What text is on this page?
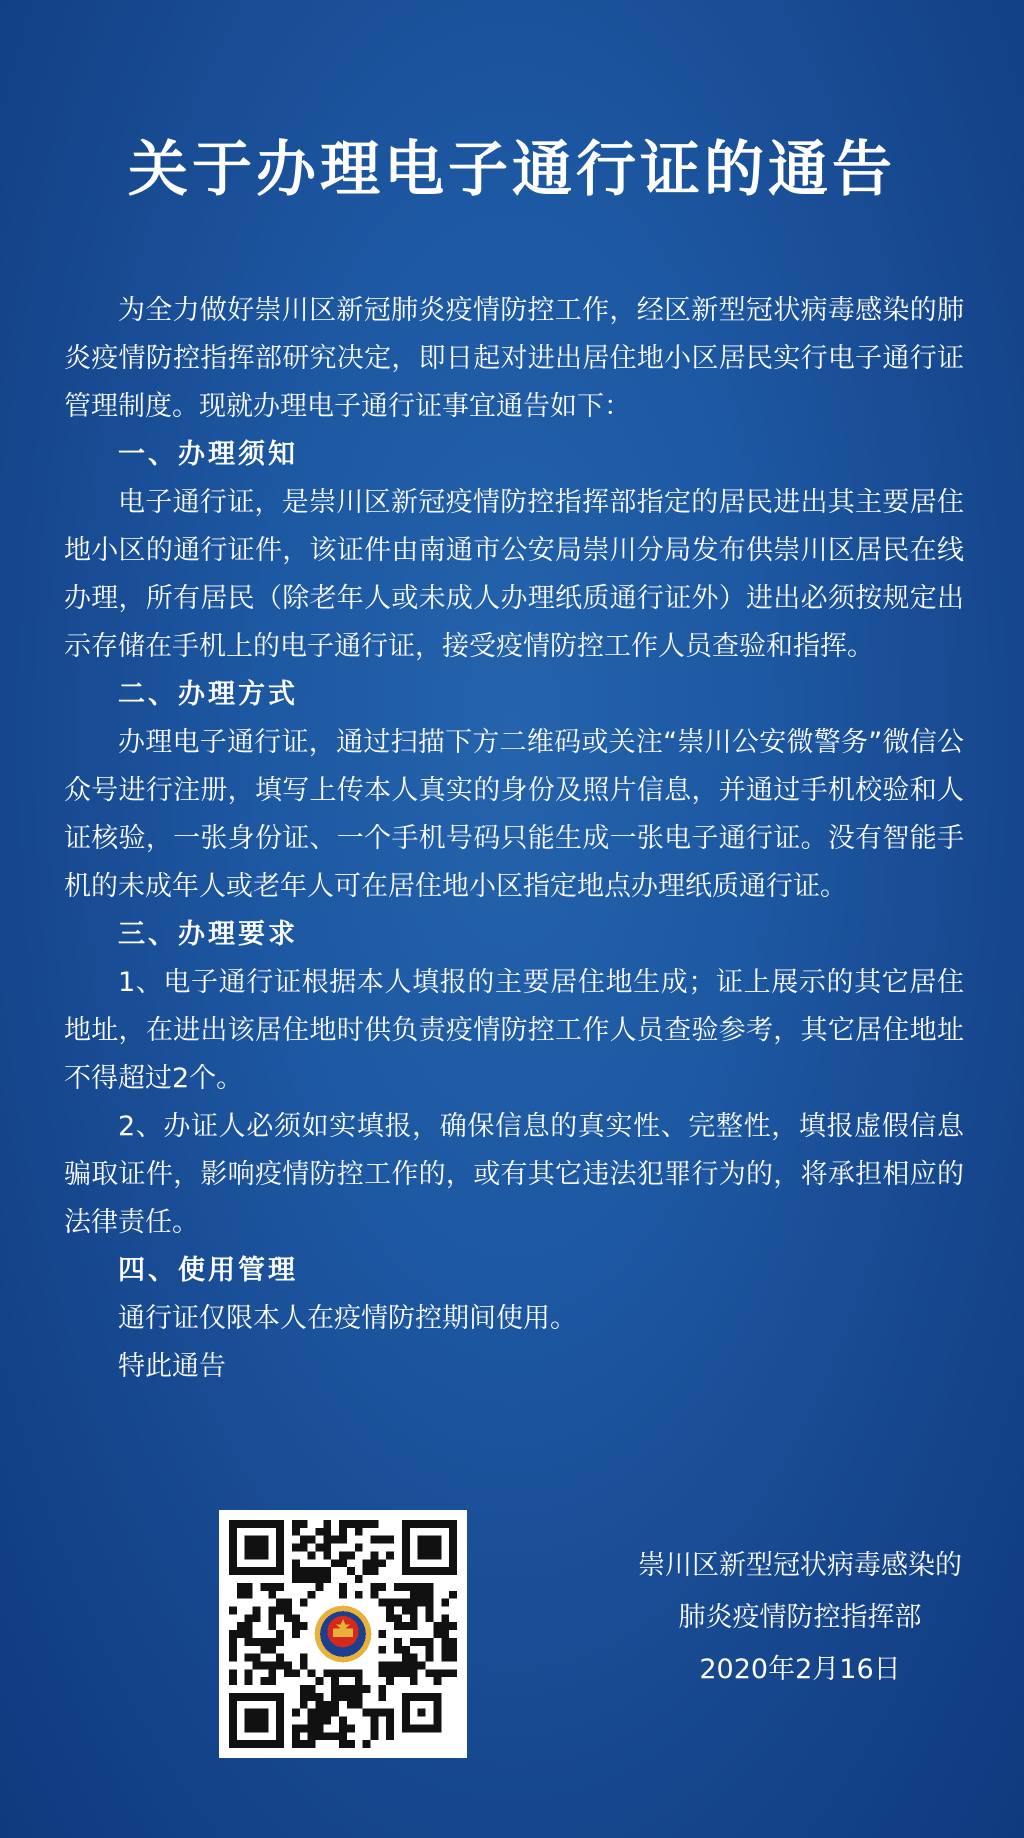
关于办理电子通行证的通告

为全力做好崇川区新冠肺炎疫情防控工作，经区新型冠状病毒感染的肺炎疫情防控指挥部研究决定，即日起对进出居住地小区居民实行电子通行证管理制度。现就办理电子通行证事宜通告如下：

一、办理须知

电子通行证，是崇川区新冠疫情防控指挥部指定的居民进出其主要居住地小区的通行证件，该证件由南通市公安局崇川分局发布供崇川区居民在线办理，所有居民（除老年人或未成人办理纸质通行证外）进出必须按规定出示存储在手机上的电子通行证，接受疫情防控工作人员查验和指挥。

二、办理方式

办理电子通行证，通过扫描下方二维码或关注“崇川公安微警务”微信公众号进行注册，填写上传本人真实的身份及照片信息，并通过手机校验和人证核验，一张身份证、一个手机号码只能生成一张电子通行证。没有智能手机的未成年人或老年人可在居住地小区指定地点办理纸质通行证。

三、办理要求

1、电子通行证根据本人填报的主要居住地生成；证上展示的其它居住地址，在进出该居住地时供负责疫情防控工作人员查验参考，其它居住地址不得超过2个。

2、办证人必须如实填报，确保信息的真实性、完整性，填报虚假信息骗取证件，影响疫情防控工作的，或有其它违法犯罪行为的，将承担相应的法律责任。

四、使用管理

通行证仅限本人在疫情防控期间使用。

特此通告

崇川区新型冠状病毒感染的

肺炎疫情防控指挥部

2020年2月16日
